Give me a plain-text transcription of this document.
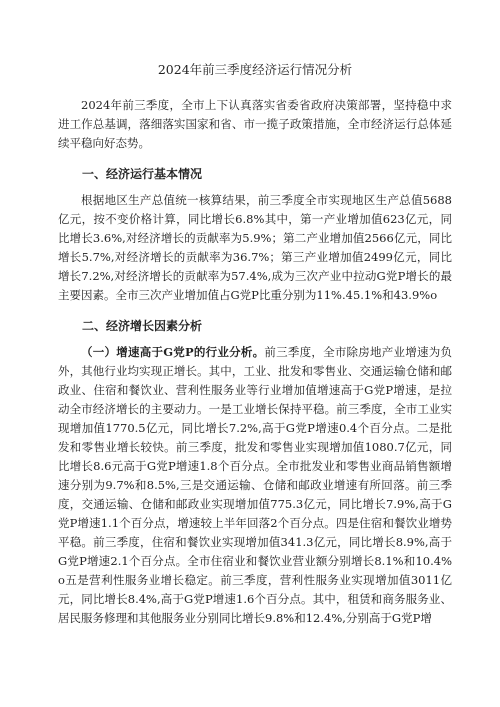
2024年前三季度经济运行情况分析

2024年前三季度，全市上下认真落实省委省政府决策部署，坚持稳中求进工作总基调，落细落实国家和省、市一揽子政策措施，全市经济运行总体延续平稳向好态势。

一、经济运行基本情况

根据地区生产总值统一核算结果，前三季度全市实现地区生产总值5688亿元，按不变价格计算，同比增长6.8%其中，第一产业增加值623亿元，同比增长3.6%,对经济增长的贡献率为5.9%；第二产业增加值2566亿元，同比增长5.7%,对经济增长的贡献率为36.7%；第三产业增加值2499亿元，同比增长7.2%,对经济增长的贡献率为57.4%,成为三次产业中拉动G党P增长的最主要因素。全市三次产业增加值占G党P比重分别为11%.45.1%和43.9%o

二、经济增长因素分析

（一）增速高于G党P的行业分析。前三季度，全市除房地产业增速为负外，其他行业均实现正增长。其中，工业、批发和零售业、交通运输仓储和邮政业、住宿和餐饮业、营利性服务业等行业增加值增速高于G党P增速，是拉动全市经济增长的主要动力。一是工业增长保持平稳。前三季度，全市工业实现增加值1770.5亿元，同比增长7.2%,高于G党P增速0.4个百分点。二是批发和零售业增长较快。前三季度，批发和零售业实现增加值1080.7亿元，同比增长8.6元高于G党P增速1.8个百分点。全市批发业和零售业商品销售额增速分别为9.7%和8.5%,三是交通运输、仓储和邮政业增速有所回落。前三季度，交通运输、仓储和邮政业实现增加值775.3亿元，同比增长7.9%,高于G党P增速1.1个百分点，增速较上半年回落2个百分点。四是住宿和餐饮业增势平稳。前三季度，住宿和餐饮业实现增加值341.3亿元，同比增长8.9%,高于G党P增速2.1个百分点。全市住宿业和餐饮业营业额分别增长8.1%和10.4%o五是营利性服务业增长稳定。前三季度，营利性服务业实现增加值3011亿元，同比增长8.4%,高于G党P增速1.6个百分点。其中，租赁和商务服务业、居民服务修理和其他服务业分别同比增长9.8%和12.4%,分别高于G党P增
